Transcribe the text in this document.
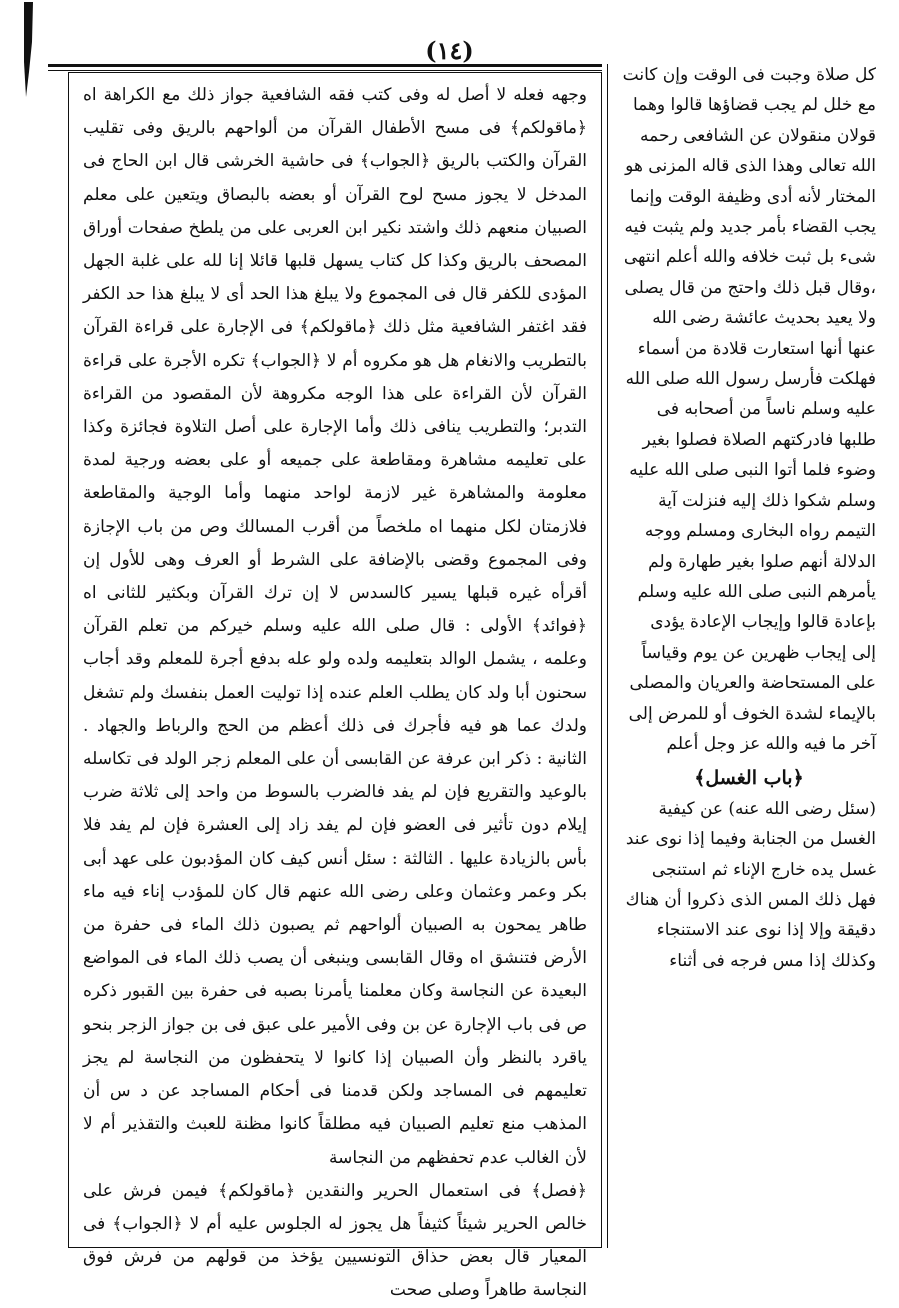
(١٤)

وجهه فعله لا أصل له وفى كتب فقه الشافعية جواز ذلك مع الكراهة اه ﴿ماقولكم﴾ فى مسح الأطفال القرآن من ألواحهم بالريق وفى تقليب القرآن والكتب بالريق ﴿الجواب﴾ فى حاشية الخرشى قال ابن الحاج فى المدخل لا يجوز مسح لوح القرآن أو بعضه بالبصاق ويتعين على معلم الصبيان منعهم ذلك واشتد نكير ابن العربى على من يلطخ صفحات أوراق المصحف بالريق وكذا كل كتاب يسهل قلبها قائلا إنا لله على غلبة الجهل المؤدى للكفر قال فى المجموع ولا يبلغ هذا الحد أى لا يبلغ هذا حد الكفر فقد اغتفر الشافعية مثل ذلك ﴿ماقولكم﴾ فى الإجارة على قراءة القرآن بالتطريب والانغام هل هو مكروه أم لا ﴿الجواب﴾ تكره الأجرة على قراءة القرآن لأن القراءة على هذا الوجه مكروهة لأن المقصود من القراءة التدبر؛ والتطريب ينافى ذلك وأما الإجارة على أصل التلاوة فجائزة وكذا على تعليمه مشاهرة ومقاطعة على جميعه أو على بعضه ورجية لمدة معلومة والمشاهرة غير لازمة لواحد منهما وأما الوجية والمقاطعة فلازمتان لكل منهما اه ملخصاً من أقرب المسالك وص من باب الإجازة وفى المجموع وقضى بالإضافة على الشرط أو العرف وهى للأول إن أقرأه غيره قبلها يسير كالسدس لا إن ترك القرآن وبكثير للثانى اه ﴿فوائد﴾ الأولى : قال صلى الله عليه وسلم خيركم من تعلم القرآن وعلمه ، يشمل الوالد بتعليمه ولده ولو عله بدفع أجرة للمعلم وقد أجاب سحنون أبا ولد كان يطلب العلم عنده إذا توليت العمل بنفسك ولم تشغل ولدك عما هو فيه فأجرك فى ذلك أعظم من الحج والرباط والجهاد . الثانية : ذكر ابن عرفة عن القابسى أن على المعلم زجر الولد فى تكاسله بالوعيد والتقريع فإن لم يفد فالضرب بالسوط من واحد إلى ثلاثة ضرب إيلام دون تأثير فى العضو فإن لم يفد زاد إلى العشرة فإن لم يفد فلا بأس بالزيادة عليها . الثالثة : سئل أنس كيف كان المؤدبون على عهد أبى بكر وعمر وعثمان وعلى رضى الله عنهم قال كان للمؤدب إناء فيه ماء طاهر يمحون به الصبيان ألواحهم ثم يصبون ذلك الماء فى حفرة من الأرض فتنشق اه وقال القابسى وينبغى أن يصب ذلك الماء فى المواضع البعيدة عن النجاسة وكان معلمنا يأمرنا بصبه فى حفرة بين القبور ذكره ص فى باب الإجارة عن بن وفى الأمير على عبق فى بن جواز الزجر بنحو ياقرد بالنظر وأن الصبيان إذا كانوا لا يتحفظون من النجاسة لم يجز تعليمهم فى المساجد ولكن قدمنا فى أحكام المساجد عن د س أن المذهب منع تعليم الصبيان فيه مطلقاً كانوا مظنة للعبث والتقذير أم لا لأن الغالب عدم تحفظهم من النجاسة

﴿فصل﴾ فى استعمال الحرير والنقدين ﴿ماقولكم﴾ فيمن فرش على خالص الحرير شيئاً كثيفاً هل يجوز له الجلوس عليه أم لا ﴿الجواب﴾ فى المعيار قال بعض حذاق التونسيين يؤخذ من قولهم من فرش فوق النجاسة طاهراً وصلى صحت

كل صلاة وجبت فى الوقت وإن كانت مع خلل لم يجب قضاؤها قالوا وهما قولان منقولان عن الشافعى رحمه الله تعالى وهذا الذى قاله المزنى هو المختار لأنه أدى وظيفة الوقت وإنما يجب القضاء بأمر جديد ولم يثبت فيه شىء بل ثبت خلافه والله أعلم انتهى ،وقال قبل ذلك واحتج من قال يصلى ولا يعيد بحديث عائشة رضى الله عنها أنها استعارت قلادة من أسماء فهلكت فأرسل رسول الله صلى الله عليه وسلم ناساً من أصحابه فى طلبها فادركتهم الصلاة فصلوا بغير وضوء فلما أتوا النبى صلى الله عليه وسلم شكوا ذلك إليه فنزلت آية التيمم رواه البخارى ومسلم ووجه الدلالة أنهم صلوا بغير طهارة ولم يأمرهم النبى صلى الله عليه وسلم بإعادة قالوا وإيجاب الإعادة يؤدى إلى إيجاب ظهرين عن يوم وقياساً على المستحاضة والعريان والمصلى بالإيماء لشدة الخوف أو للمرض إلى آخر ما فيه والله عز وجل أعلم

﴿باب الغسل﴾

(سئل رضى الله عنه) عن كيفية الغسل من الجنابة وفيما إذا نوى عند غسل يده خارج الإناء ثم استنجى فهل ذلك المس الذى ذكروا أن هناك دقيقة وإلا إذا نوى عند الاستنجاء وكذلك إذا مس فرجه فى أثناء
